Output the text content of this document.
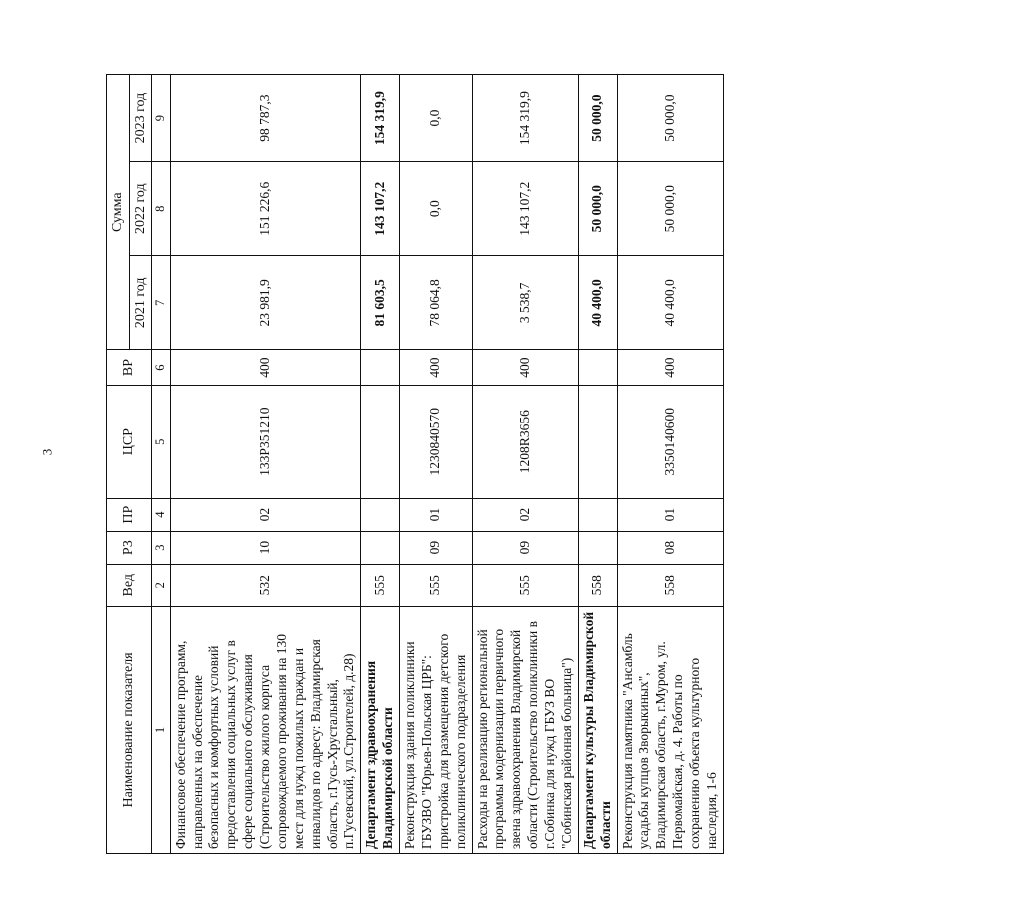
3
Наименование показателя	Вед	РЗ	ПР	ЦСР	ВР	Сумма		
						2021 год	2022 год	2023 год
1	2	3	4	5	6	7	8	9
Финансовое обеспечение программ, направленных на обеспечение безопасных и комфортных условий предоставления социальных услуг в сфере социального обслуживания (Строительство жилого корпуса сопровождаемого проживания на 130 мест для нужд пожилых граждан и инвалидов по адресу: Владимирская область, г.Гусь-Хрустальный, п.Гусевский, ул.Строителей, д.28)	532	10	02	133P351210	400	23 981,9	151 226,6	98 787,3
Департамент здравоохранения Владимирской области	555					81 603,5	143 107,2	154 319,9
Реконструкция здания поликлиники ГБУЗВО "Юрьев-Польская ЦРБ": пристройка для размещения детского поликлинического подразделения	555	09	01	1230840570	400	78 064,8	0,0	0,0
Расходы на реализацию региональной программы модернизации первичного звена здравоохранения Владимирской области (Строительство поликлиники в г.Собинка для нужд ГБУЗ ВО "Собинская районная больница")	555	09	02	1208R3656	400	3 538,7	143 107,2	154 319,9
Департамент культуры Владимирской области	558					40 400,0	50 000,0	50 000,0
Реконструкция памятника "Ансамбль усадьбы купцов Зворыкиных", Владимирская область, г.Муром, ул. Первомайская, д. 4. Работы по сохранению объекта культурного наследия, 1-6	558	08	01	3350140600	400	40 400,0	50 000,0	50 000,0
